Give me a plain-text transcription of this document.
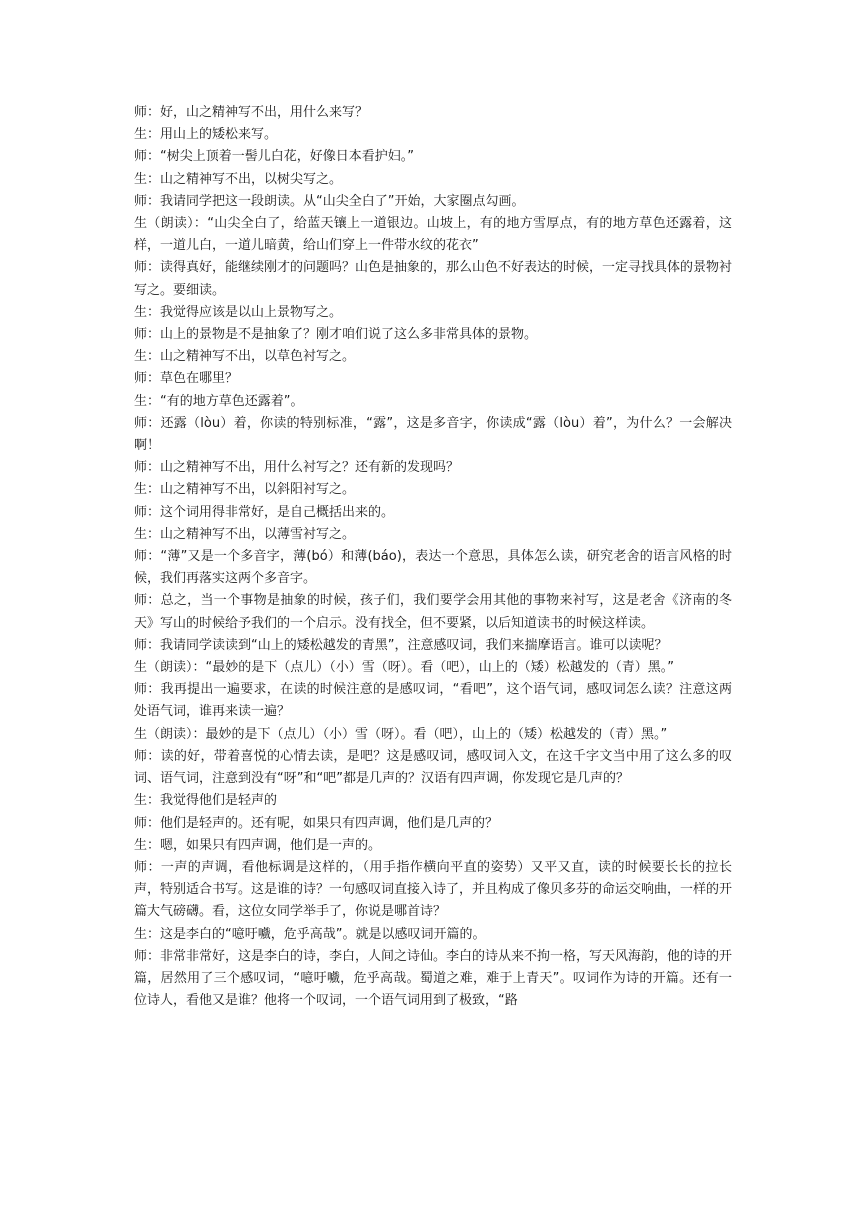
师：好，山之精神写不出，用什么来写？

生：用山上的矮松来写。

师：“树尖上顶着一髻儿白花，好像日本看护妇。”

生：山之精神写不出，以树尖写之。

师：我请同学把这一段朗读。从“山尖全白了”开始，大家圈点勾画。

生（朗读）：“山尖全白了，给蓝天镶上一道银边。山坡上，有的地方雪厚点，有的地方草色还露着，这样，一道儿白，一道儿暗黄，给山们穿上一件带水纹的花衣”

师：读得真好，能继续刚才的问题吗？山色是抽象的，那么山色不好表达的时候，一定寻找具体的景物衬写之。要细读。

生：我觉得应该是以山上景物写之。

师：山上的景物是不是抽象了？刚才咱们说了这么多非常具体的景物。

生：山之精神写不出，以草色衬写之。

师：草色在哪里？

生：“有的地方草色还露着”。

师：还露（lòu）着，你读的特别标准，“露”，这是多音字，你读成“露（lòu）着”，为什么？一会解决啊！

师：山之精神写不出，用什么衬写之？还有新的发现吗？

生：山之精神写不出，以斜阳衬写之。

师：这个词用得非常好，是自己概括出来的。

生：山之精神写不出，以薄雪衬写之。

师：“薄”又是一个多音字，薄(bó）和薄(báo)，表达一个意思，具体怎么读，研究老舍的语言风格的时候，我们再落实这两个多音字。

师：总之，当一个事物是抽象的时候，孩子们，我们要学会用其他的事物来衬写，这是老舍《济南的冬天》写山的时候给予我们的一个启示。没有找全，但不要紧，以后知道读书的时候这样读。

师：我请同学读读到“山上的矮松越发的青黑”，注意感叹词，我们来揣摩语言。谁可以读呢？

生（朗读）：“最妙的是下（点儿）（小）雪（呀）。看（吧），山上的（矮）松越发的（青）黑。”

师：我再提出一遍要求，在读的时候注意的是感叹词，“看吧”，这个语气词，感叹词怎么读？注意这两处语气词，谁再来读一遍？

生（朗读）：最妙的是下（点儿）（小）雪（呀）。看（吧），山上的（矮）松越发的（青）黑。”

师：读的好，带着喜悦的心情去读，是吧？这是感叹词，感叹词入文，在这千字文当中用了这么多的叹词、语气词，注意到没有“呀”和“吧”都是几声的？汉语有四声调，你发现它是几声的？

生：我觉得他们是轻声的

师：他们是轻声的。还有呢，如果只有四声调，他们是几声的？

生：嗯，如果只有四声调，他们是一声的。

师：一声的声调，看他标调是这样的，（用手指作横向平直的姿势）又平又直，读的时候要长长的拉长声，特别适合书写。这是谁的诗？一句感叹词直接入诗了，并且构成了像贝多芬的命运交响曲，一样的开篇大气磅礴。看，这位女同学举手了，你说是哪首诗？

生：这是李白的“噫吁嚱，危乎高哉”。就是以感叹词开篇的。

师：非常非常好，这是李白的诗，李白，人间之诗仙。李白的诗从来不拘一格，写天风海韵，他的诗的开篇，居然用了三个感叹词，“噫吁嚱，危乎高哉。蜀道之难，难于上青天”。叹词作为诗的开篇。还有一位诗人，看他又是谁？他将一个叹词，一个语气词用到了极致，“路
